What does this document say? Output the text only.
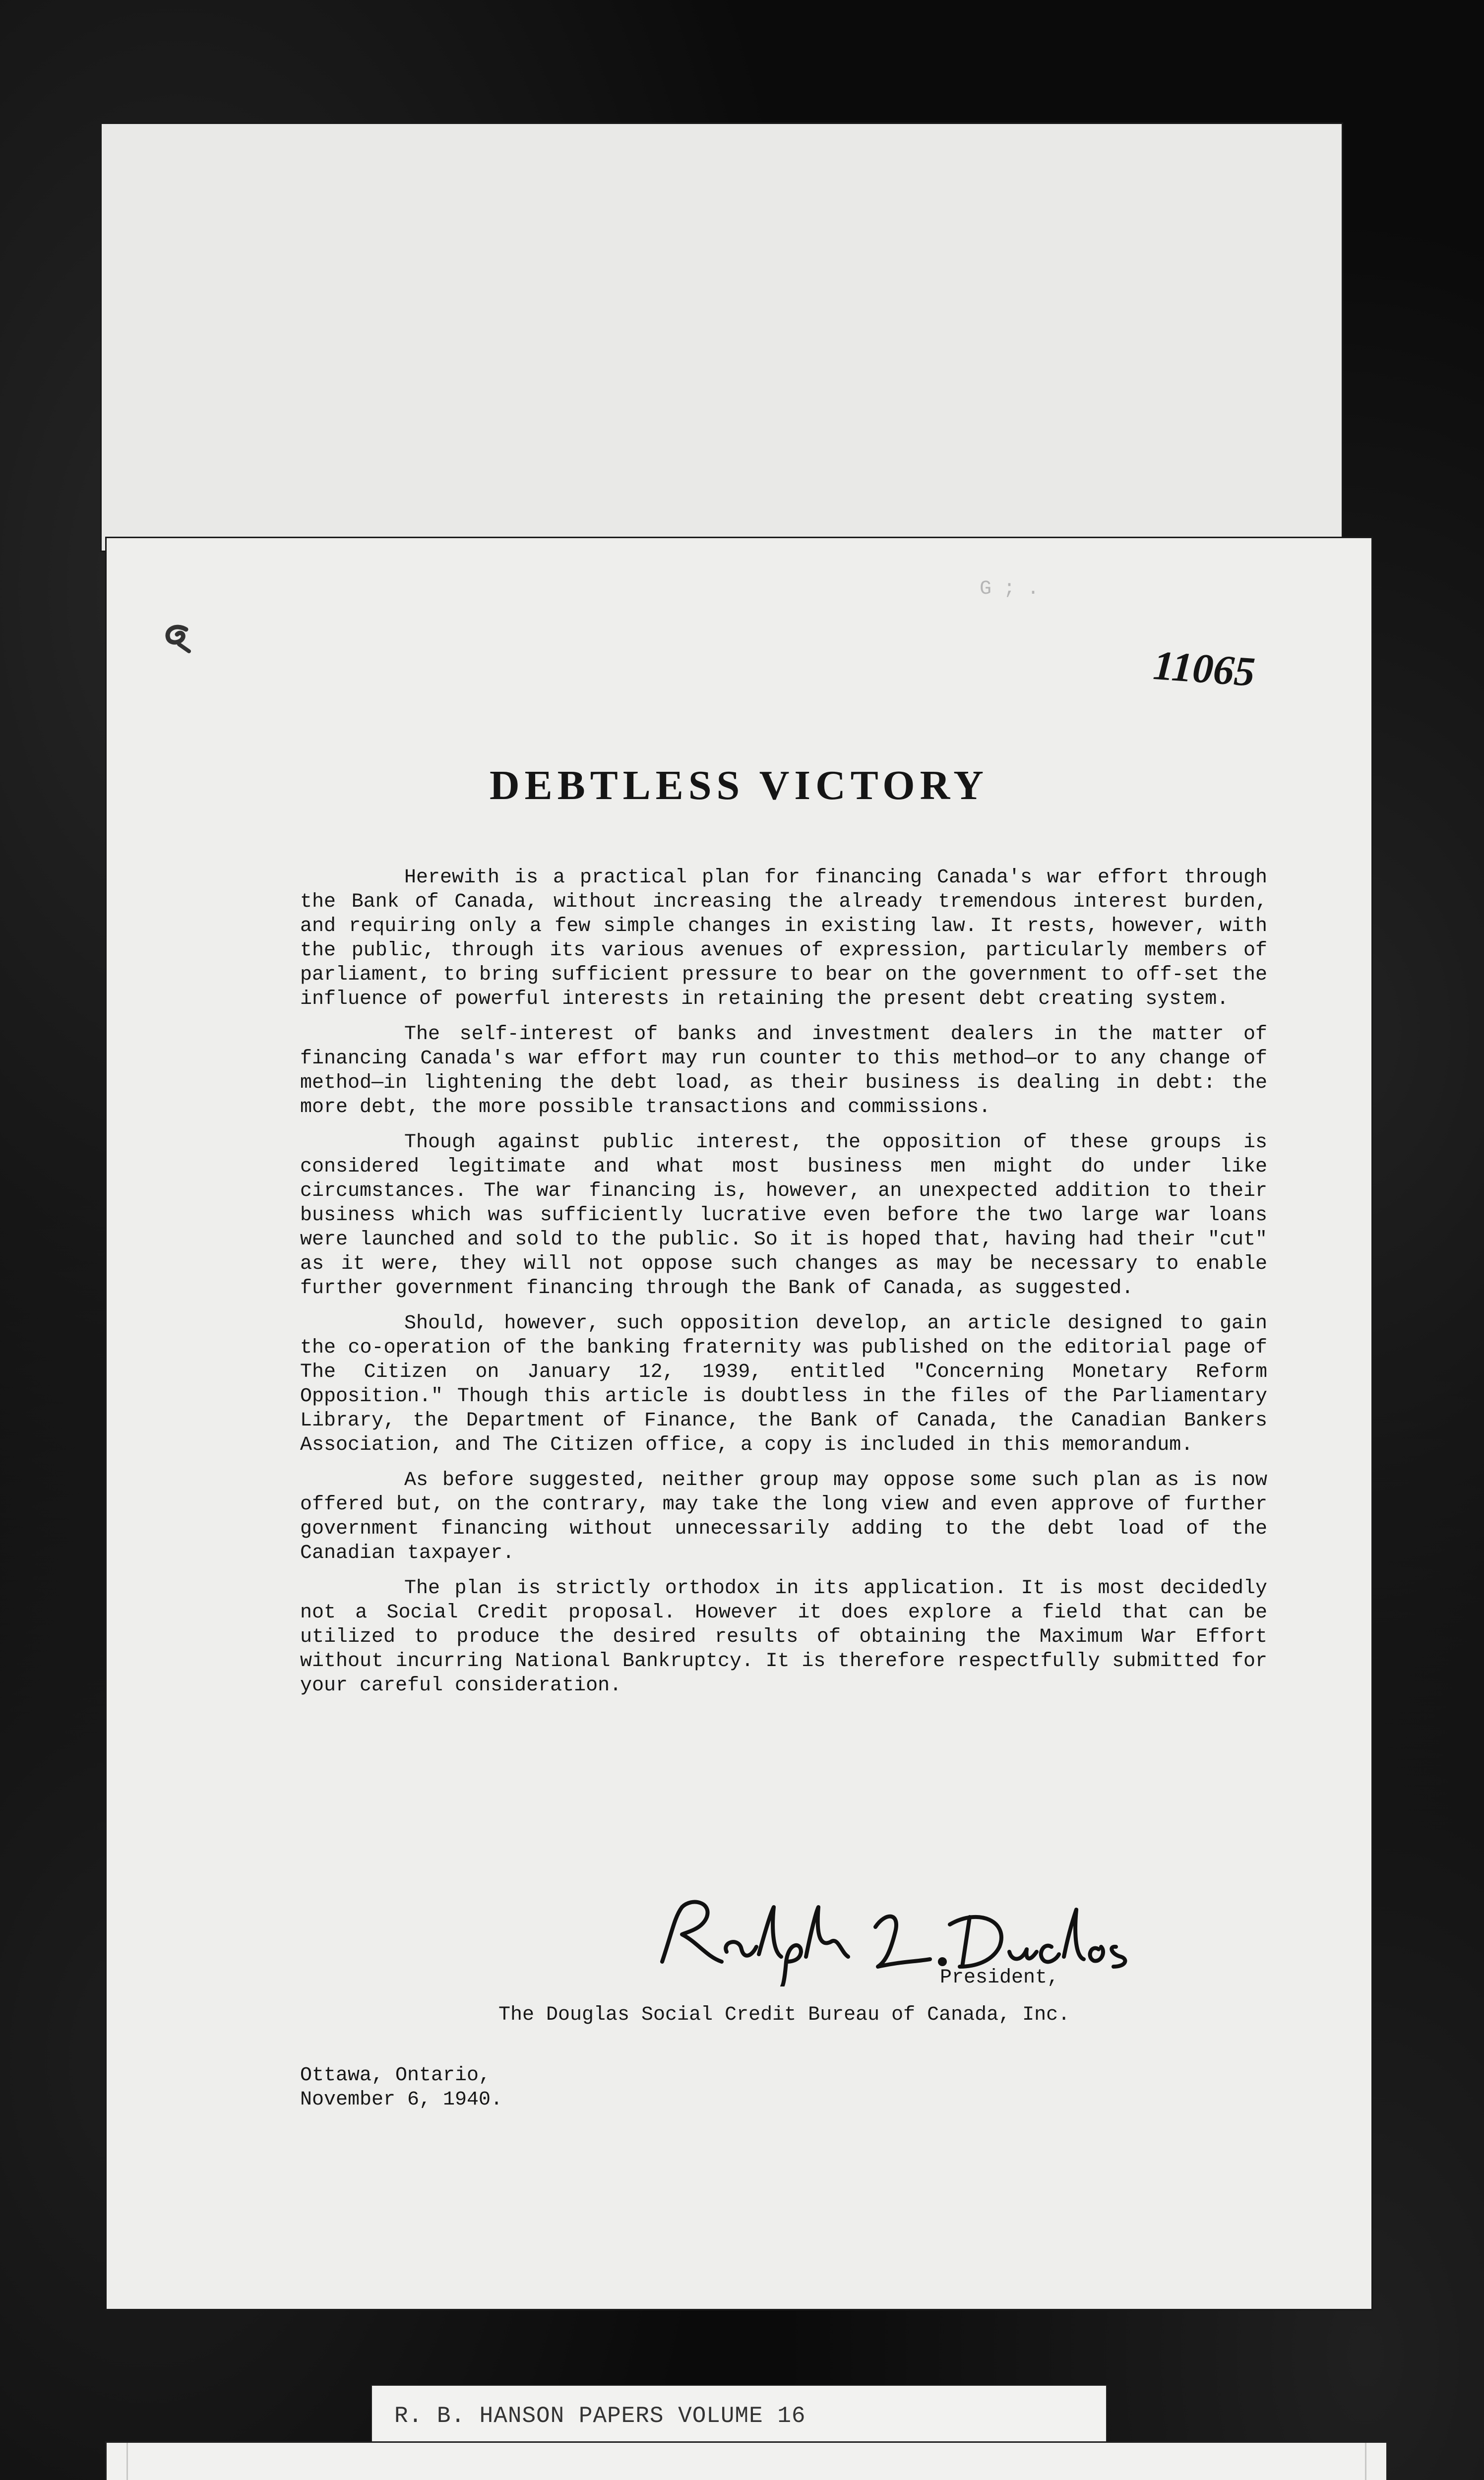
G ; .
11065
DEBTLESS VICTORY

Herewith is a practical plan for financing Canada's war effort through the Bank of Canada, without increasing the already tremendous interest burden, and requiring only a few simple changes in existing law. It rests, however, with the public, through its various avenues of expression, particularly members of parliament, to bring sufficient pressure to bear on the government to off-set the influence of powerful interests in retaining the present debt creating system.

The self-interest of banks and investment dealers in the matter of financing Canada's war effort may run counter to this method—or to any change of method—in lightening the debt load, as their business is dealing in debt: the more debt, the more possible transactions and commissions.

Though against public interest, the opposition of these groups is considered legitimate and what most business men might do under like circumstances. The war financing is, however, an unexpected addition to their business which was sufficiently lucrative even before the two large war loans were launched and sold to the public. So it is hoped that, having had their "cut" as it were, they will not oppose such changes as may be necessary to enable further government financing through the Bank of Canada, as suggested.

Should, however, such opposition develop, an article designed to gain the co-operation of the banking fraternity was published on the editorial page of The Citizen on January 12, 1939, entitled "Concerning Monetary Reform Opposition." Though this article is doubtless in the files of the Parliamentary Library, the Department of Finance, the Bank of Canada, the Canadian Bankers Association, and The Citizen office, a copy is included in this memorandum.

As before suggested, neither group may oppose some such plan as is now offered but, on the contrary, may take the long view and even approve of further government financing without unnecessarily adding to the debt load of the Canadian taxpayer.

The plan is strictly orthodox in its application. It is most decidedly not a Social Credit proposal. However it does explore a field that can be utilized to produce the desired results of obtaining the Maximum War Effort without incurring National Bankruptcy. It is therefore respectfully submitted for your careful consideration.

President,
The Douglas Social Credit Bureau of Canada, Inc.
Ottawa, Ontario,
November 6, 1940.
R. B. HANSON PAPERS VOLUME 16
